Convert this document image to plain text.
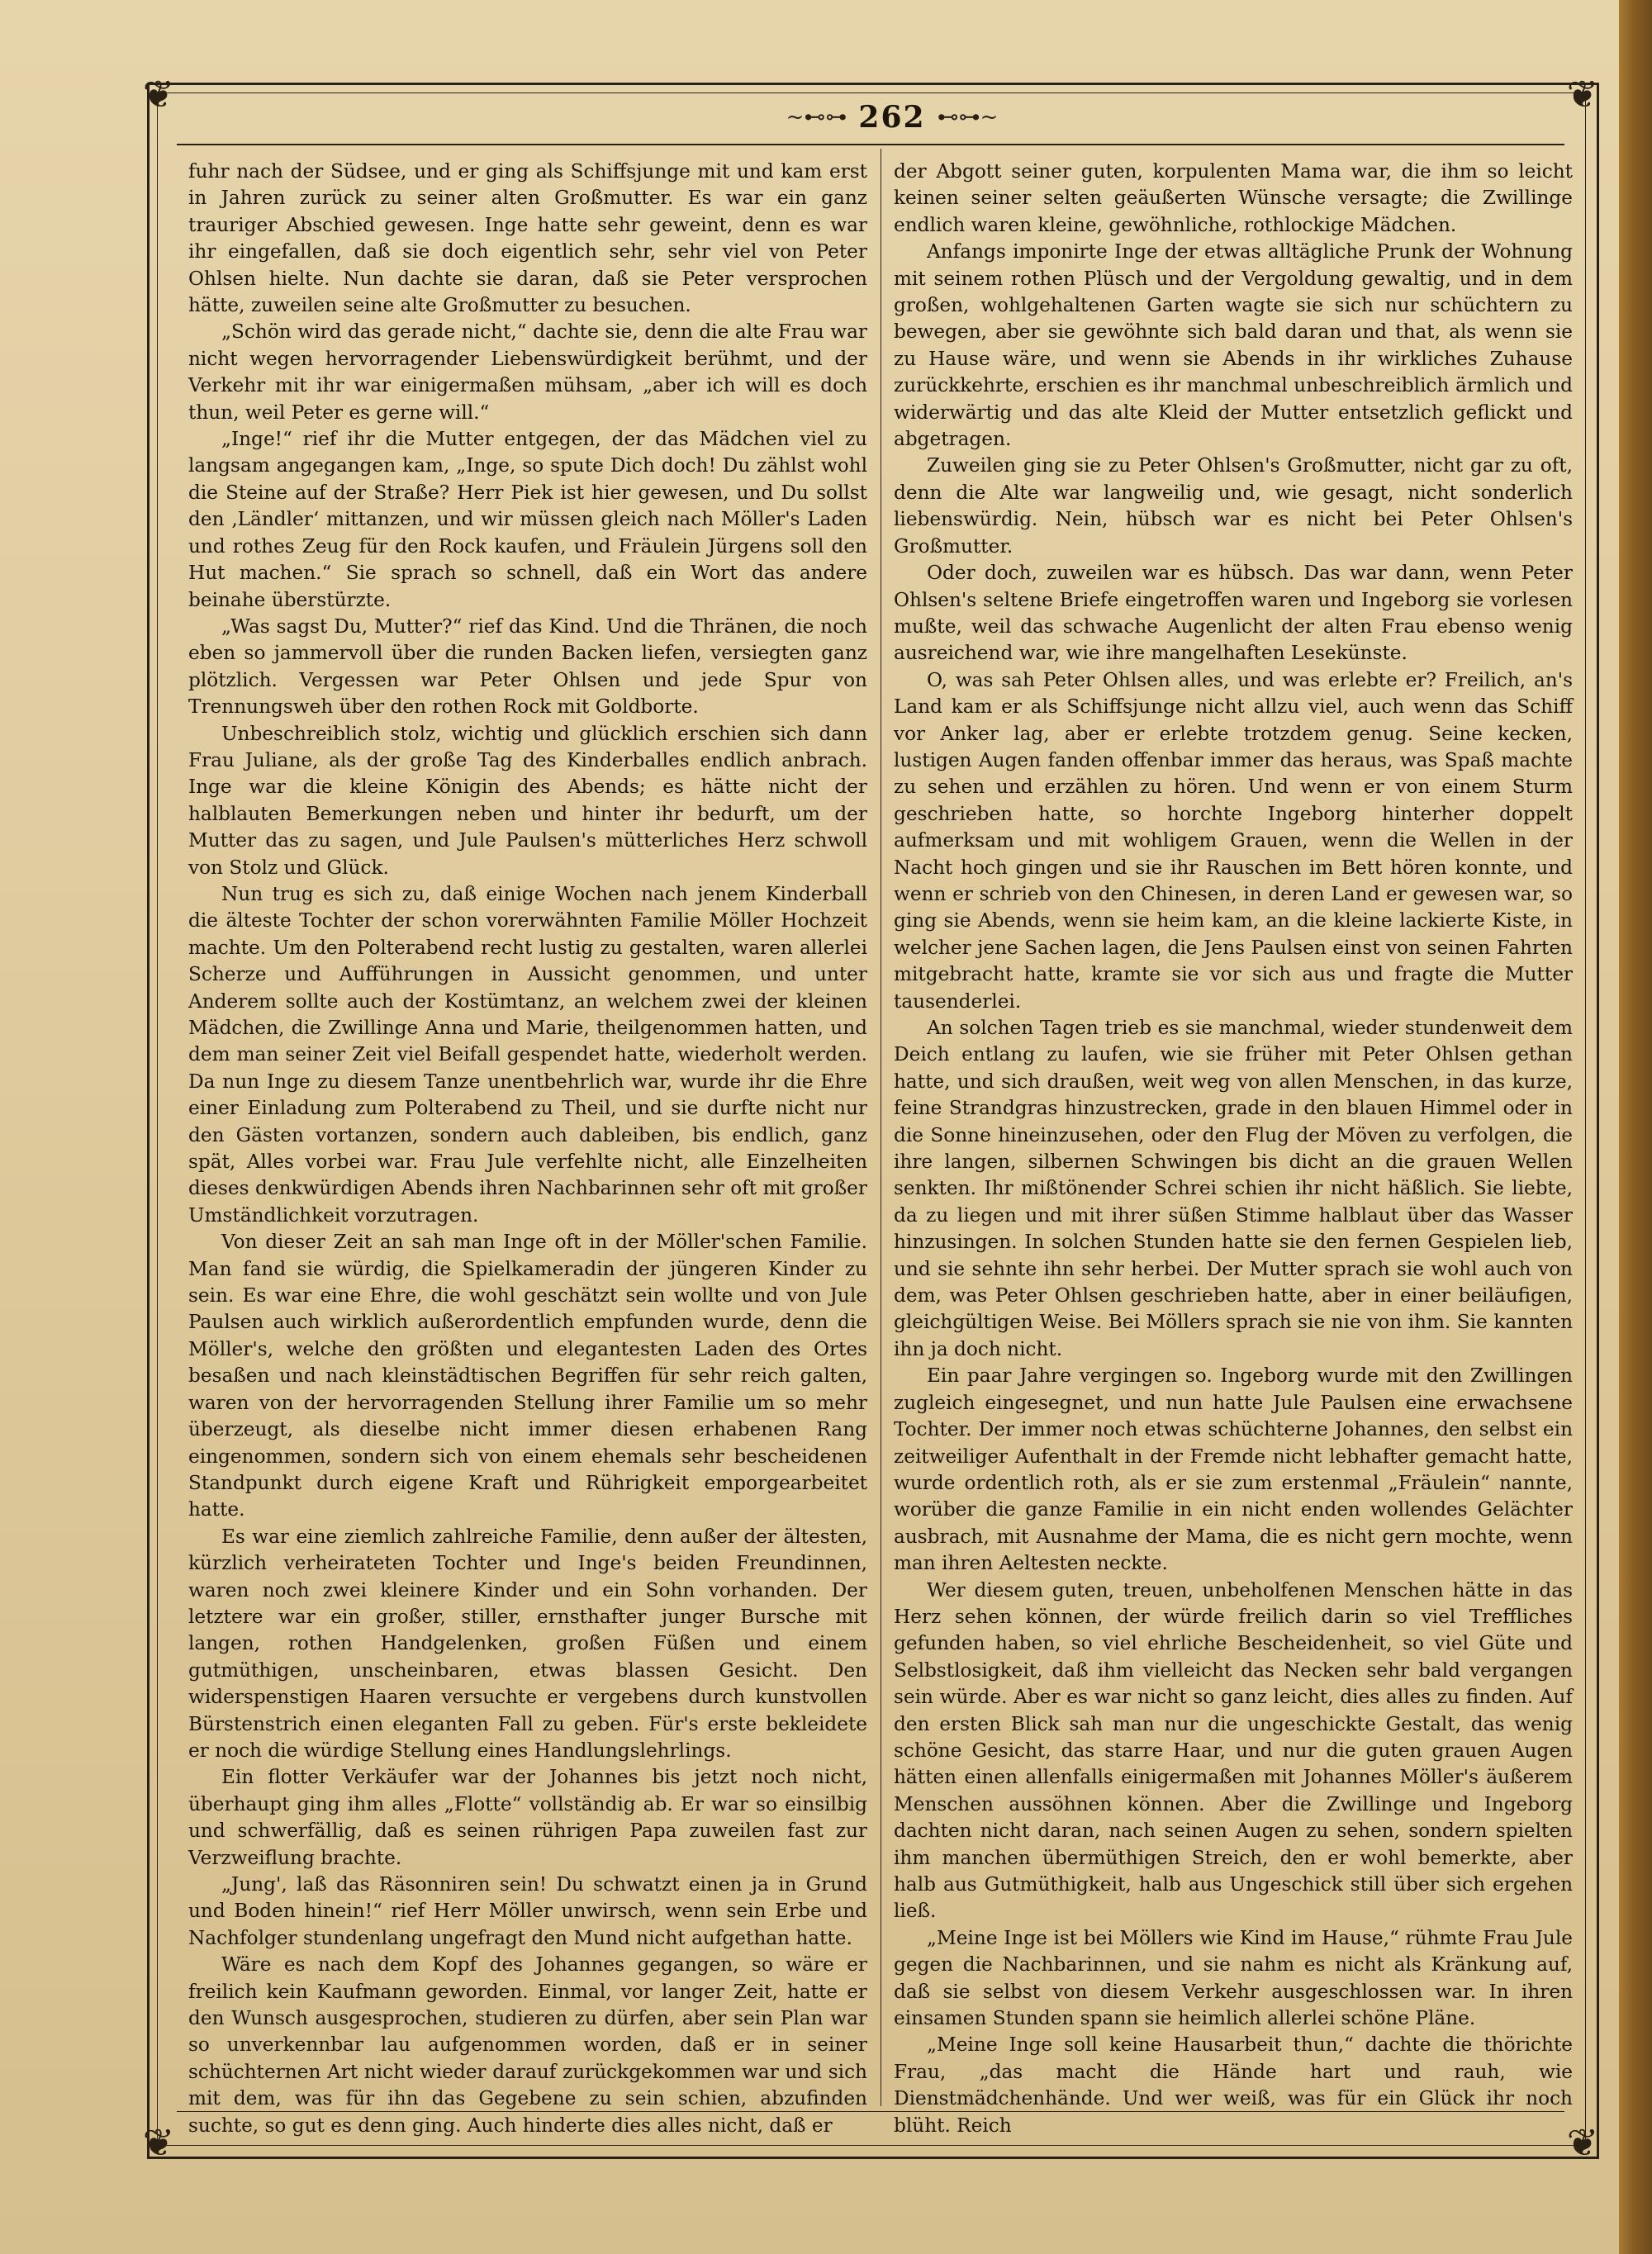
❦	❦
❦	❦
~⊷⊶ 262 ⊷⊶~

fuhr nach der Südsee, und er ging als Schiffsjunge mit und kam erst in Jahren zurück zu seiner alten Großmutter. Es war ein ganz trauriger Abschied gewesen. Inge hatte sehr geweint, denn es war ihr eingefallen, daß sie doch eigentlich sehr, sehr viel von Peter Ohlsen hielte. Nun dachte sie daran, daß sie Peter versprochen hätte, zuweilen seine alte Großmutter zu besuchen.

„Schön wird das gerade nicht,“ dachte sie, denn die alte Frau war nicht wegen hervorragender Liebenswürdigkeit berühmt, und der Verkehr mit ihr war einigermaßen mühsam, „aber ich will es doch thun, weil Peter es gerne will.“

„Inge!“ rief ihr die Mutter entgegen, der das Mädchen viel zu langsam angegangen kam, „Inge, so spute Dich doch! Du zählst wohl die Steine auf der Straße? Herr Piek ist hier gewesen, und Du sollst den ‚Ländler‘ mittanzen, und wir müssen gleich nach Möller's Laden und rothes Zeug für den Rock kaufen, und Fräulein Jürgens soll den Hut machen.“ Sie sprach so schnell, daß ein Wort das andere beinahe überstürzte.

„Was sagst Du, Mutter?“ rief das Kind. Und die Thränen, die noch eben so jammervoll über die runden Backen liefen, versiegten ganz plötzlich. Vergessen war Peter Ohlsen und jede Spur von Trennungsweh über den rothen Rock mit Goldborte.

Unbeschreiblich stolz, wichtig und glücklich erschien sich dann Frau Juliane, als der große Tag des Kinderballes endlich anbrach. Inge war die kleine Königin des Abends; es hätte nicht der halblauten Bemerkungen neben und hinter ihr bedurft, um der Mutter das zu sagen, und Jule Paulsen's mütterliches Herz schwoll von Stolz und Glück.

Nun trug es sich zu, daß einige Wochen nach jenem Kinderball die älteste Tochter der schon vorerwähnten Familie Möller Hochzeit machte. Um den Polterabend recht lustig zu gestalten, waren allerlei Scherze und Aufführungen in Aussicht genommen, und unter Anderem sollte auch der Kostümtanz, an welchem zwei der kleinen Mädchen, die Zwillinge Anna und Marie, theilgenommen hatten, und dem man seiner Zeit viel Beifall gespendet hatte, wiederholt werden. Da nun Inge zu diesem Tanze unentbehrlich war, wurde ihr die Ehre einer Einladung zum Polterabend zu Theil, und sie durfte nicht nur den Gästen vortanzen, sondern auch dableiben, bis endlich, ganz spät, Alles vorbei war. Frau Jule verfehlte nicht, alle Einzelheiten dieses denkwürdigen Abends ihren Nachbarinnen sehr oft mit großer Umständlichkeit vorzutragen.

Von dieser Zeit an sah man Inge oft in der Möller'schen Familie. Man fand sie würdig, die Spielkameradin der jüngeren Kinder zu sein. Es war eine Ehre, die wohl geschätzt sein wollte und von Jule Paulsen auch wirklich außerordentlich empfunden wurde, denn die Möller's, welche den größten und elegantesten Laden des Ortes besaßen und nach kleinstädtischen Begriffen für sehr reich galten, waren von der hervorragenden Stellung ihrer Familie um so mehr überzeugt, als dieselbe nicht immer diesen erhabenen Rang eingenommen, sondern sich von einem ehemals sehr bescheidenen Standpunkt durch eigene Kraft und Rührigkeit emporgearbeitet hatte.

Es war eine ziemlich zahlreiche Familie, denn außer der ältesten, kürzlich verheirateten Tochter und Inge's beiden Freundinnen, waren noch zwei kleinere Kinder und ein Sohn vorhanden. Der letztere war ein großer, stiller, ernsthafter junger Bursche mit langen, rothen Handgelenken, großen Füßen und einem gutmüthigen, unscheinbaren, etwas blassen Gesicht. Den widerspenstigen Haaren versuchte er vergebens durch kunstvollen Bürstenstrich einen eleganten Fall zu geben. Für's erste bekleidete er noch die würdige Stellung eines Handlungslehrlings.

Ein flotter Verkäufer war der Johannes bis jetzt noch nicht, überhaupt ging ihm alles „Flotte“ vollständig ab. Er war so einsilbig und schwerfällig, daß es seinen rührigen Papa zuweilen fast zur Verzweiflung brachte.

„Jung', laß das Räsonniren sein! Du schwatzt einen ja in Grund und Boden hinein!“ rief Herr Möller unwirsch, wenn sein Erbe und Nachfolger stundenlang ungefragt den Mund nicht aufgethan hatte.

Wäre es nach dem Kopf des Johannes gegangen, so wäre er freilich kein Kaufmann geworden. Einmal, vor langer Zeit, hatte er den Wunsch ausgesprochen, studieren zu dürfen, aber sein Plan war so unverkennbar lau aufgenommen worden, daß er in seiner schüchternen Art nicht wieder darauf zurückgekommen war und sich mit dem, was für ihn das Gegebene zu sein schien, abzufinden suchte, so gut es denn ging. Auch hinderte dies alles nicht, daß er

der Abgott seiner guten, korpulenten Mama war, die ihm so leicht keinen seiner selten geäußerten Wünsche versagte; die Zwillinge endlich waren kleine, gewöhnliche, rothlockige Mädchen.

Anfangs imponirte Inge der etwas alltägliche Prunk der Wohnung mit seinem rothen Plüsch und der Vergoldung gewaltig, und in dem großen, wohlgehaltenen Garten wagte sie sich nur schüchtern zu bewegen, aber sie gewöhnte sich bald daran und that, als wenn sie zu Hause wäre, und wenn sie Abends in ihr wirkliches Zuhause zurückkehrte, erschien es ihr manchmal unbeschreiblich ärmlich und widerwärtig und das alte Kleid der Mutter entsetzlich geflickt und abgetragen.

Zuweilen ging sie zu Peter Ohlsen's Großmutter, nicht gar zu oft, denn die Alte war langweilig und, wie gesagt, nicht sonderlich liebenswürdig. Nein, hübsch war es nicht bei Peter Ohlsen's Großmutter.

Oder doch, zuweilen war es hübsch. Das war dann, wenn Peter Ohlsen's seltene Briefe eingetroffen waren und Ingeborg sie vorlesen mußte, weil das schwache Augenlicht der alten Frau ebenso wenig ausreichend war, wie ihre mangelhaften Lesekünste.

O, was sah Peter Ohlsen alles, und was erlebte er? Freilich, an's Land kam er als Schiffsjunge nicht allzu viel, auch wenn das Schiff vor Anker lag, aber er erlebte trotzdem genug. Seine kecken, lustigen Augen fanden offenbar immer das heraus, was Spaß machte zu sehen und erzählen zu hören. Und wenn er von einem Sturm geschrieben hatte, so horchte Ingeborg hinterher doppelt aufmerksam und mit wohligem Grauen, wenn die Wellen in der Nacht hoch gingen und sie ihr Rauschen im Bett hören konnte, und wenn er schrieb von den Chinesen, in deren Land er gewesen war, so ging sie Abends, wenn sie heim kam, an die kleine lackierte Kiste, in welcher jene Sachen lagen, die Jens Paulsen einst von seinen Fahrten mitgebracht hatte, kramte sie vor sich aus und fragte die Mutter tausenderlei.

An solchen Tagen trieb es sie manchmal, wieder stundenweit dem Deich entlang zu laufen, wie sie früher mit Peter Ohlsen gethan hatte, und sich draußen, weit weg von allen Menschen, in das kurze, feine Strandgras hinzustrecken, grade in den blauen Himmel oder in die Sonne hineinzusehen, oder den Flug der Möven zu verfolgen, die ihre langen, silbernen Schwingen bis dicht an die grauen Wellen senkten. Ihr mißtönender Schrei schien ihr nicht häßlich. Sie liebte, da zu liegen und mit ihrer süßen Stimme halblaut über das Wasser hinzusingen. In solchen Stunden hatte sie den fernen Gespielen lieb, und sie sehnte ihn sehr herbei. Der Mutter sprach sie wohl auch von dem, was Peter Ohlsen geschrieben hatte, aber in einer beiläufigen, gleichgültigen Weise. Bei Möllers sprach sie nie von ihm. Sie kannten ihn ja doch nicht.

Ein paar Jahre vergingen so. Ingeborg wurde mit den Zwillingen zugleich eingesegnet, und nun hatte Jule Paulsen eine erwachsene Tochter. Der immer noch etwas schüchterne Johannes, den selbst ein zeitweiliger Aufenthalt in der Fremde nicht lebhafter gemacht hatte, wurde ordentlich roth, als er sie zum erstenmal „Fräulein“ nannte, worüber die ganze Familie in ein nicht enden wollendes Gelächter ausbrach, mit Ausnahme der Mama, die es nicht gern mochte, wenn man ihren Aeltesten neckte.

Wer diesem guten, treuen, unbeholfenen Menschen hätte in das Herz sehen können, der würde freilich darin so viel Treffliches gefunden haben, so viel ehrliche Bescheidenheit, so viel Güte und Selbstlosigkeit, daß ihm vielleicht das Necken sehr bald vergangen sein würde. Aber es war nicht so ganz leicht, dies alles zu finden. Auf den ersten Blick sah man nur die ungeschickte Gestalt, das wenig schöne Gesicht, das starre Haar, und nur die guten grauen Augen hätten einen allenfalls einigermaßen mit Johannes Möller's äußerem Menschen aussöhnen können. Aber die Zwillinge und Ingeborg dachten nicht daran, nach seinen Augen zu sehen, sondern spielten ihm manchen übermüthigen Streich, den er wohl bemerkte, aber halb aus Gutmüthigkeit, halb aus Ungeschick still über sich ergehen ließ.

„Meine Inge ist bei Möllers wie Kind im Hause,“ rühmte Frau Jule gegen die Nachbarinnen, und sie nahm es nicht als Kränkung auf, daß sie selbst von diesem Verkehr ausgeschlossen war. In ihren einsamen Stunden spann sie heimlich allerlei schöne Pläne.

„Meine Inge soll keine Hausarbeit thun,“ dachte die thörichte Frau, „das macht die Hände hart und rauh, wie Dienstmädchenhände. Und wer weiß, was für ein Glück ihr noch blüht. Reich
